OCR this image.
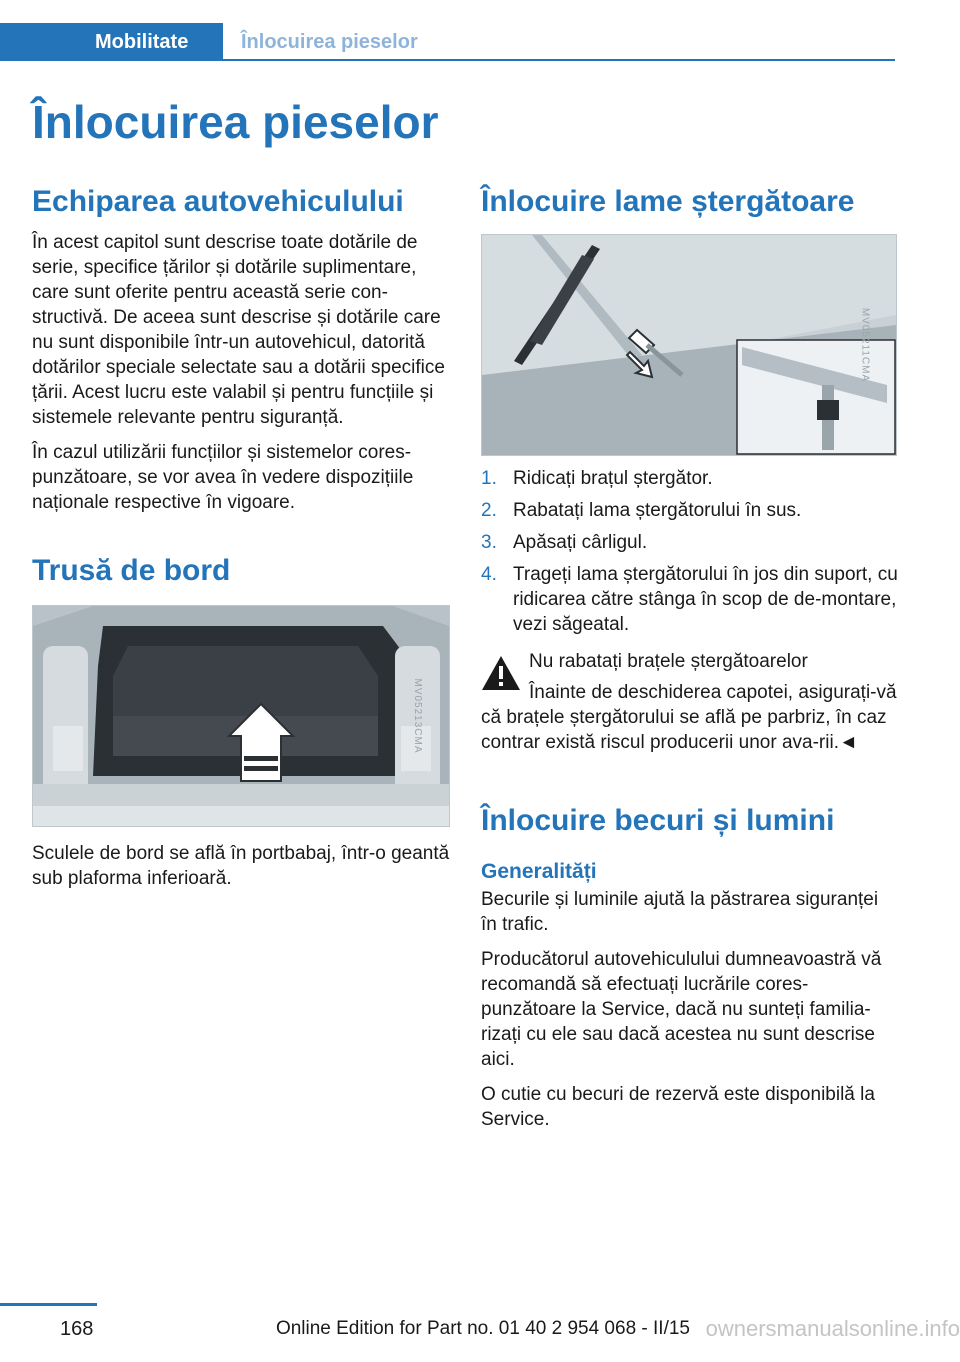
Mobilitate	Înlocuirea pieselor
Înlocuirea pieselor
Echiparea autovehiculului

În acest capitol sunt descrise toate dotările de serie, specifice țărilor și dotările suplimentare, care sunt oferite pentru această serie con-structivă. De aceea sunt descrise și dotările care nu sunt disponibile într-un autovehicul, datorită dotărilor speciale selectate sau a dotării specifice țării. Acest lucru este valabil și pentru funcțiile și sistemele relevante pentru siguranță.

În cazul utilizării funcțiilor și sistemelor cores-punzătoare, se vor avea în vedere dispozițiile naționale respective în vigoare.

Trusă de bord
MV05213CMA

Sculele de bord se află în portbabaj, într-o geantă sub plaforma inferioară.

Înlocuire lame ștergătoare
MV05211CMA
1. Ridicați brațul ștergător.
2. Rabatați lama ștergătorului în sus.
3. Apăsați cârligul.
4. Trageți lama ștergătorului în jos din suport, cu ridicarea către stânga în scop de de-montare, vezi săgeatal.
Nu rabatați brațele ștergătoarelor

Înainte de deschiderea capotei, asigurați-vă că brațele ștergătorului se află pe parbriz, în caz contrar există riscul producerii unor ava-rii.◄

Înlocuire becuri și lumini
Generalități

Becurile și luminile ajută la păstrarea siguranței în trafic.

Producătorul autovehiculului dumneavoastră vă recomandă să efectuați lucrările cores-punzătoare la Service, dacă nu sunteți familia-rizați cu ele sau dacă acestea nu sunt descrise aici.

O cutie cu becuri de rezervă este disponibilă la Service.

168	Online Edition for Part no. 01 40 2 954 068 - II/15 ownersmanualsonline.info
